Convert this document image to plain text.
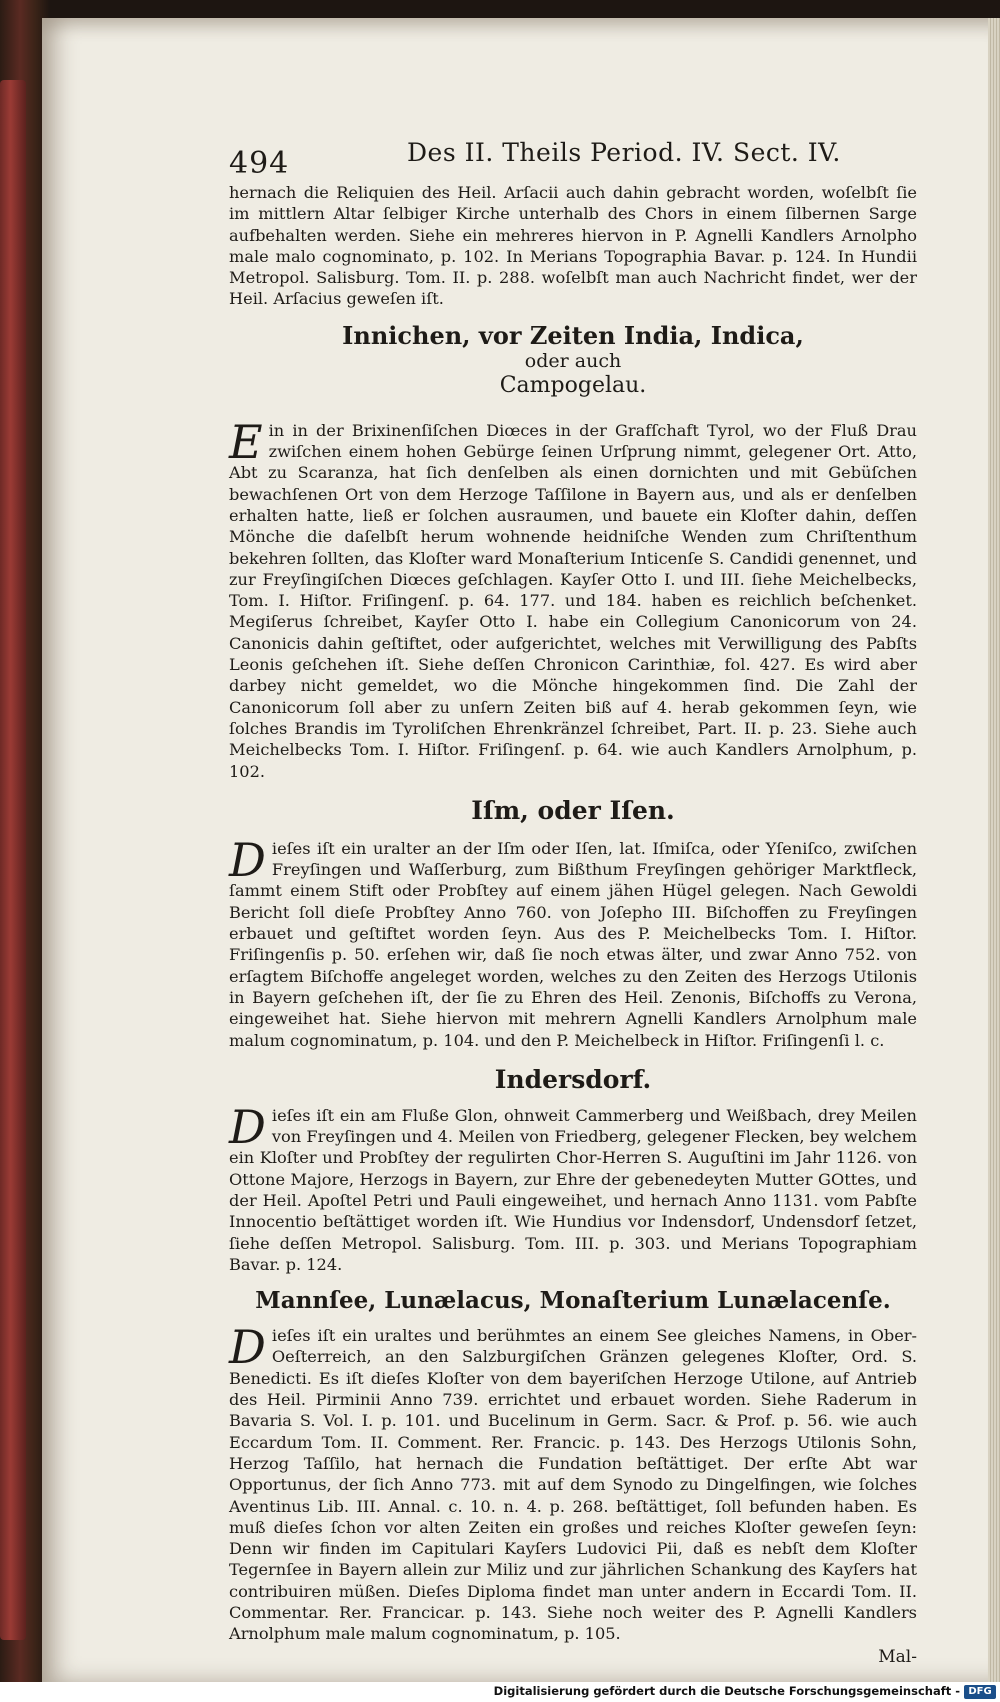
494	Des II. Theils Period. IV. Sect. IV.

hernach die Reliquien des Heil. Arſacii auch dahin gebracht worden, woſelbſt ſie im mittlern Altar ſelbiger Kirche unterhalb des Chors in einem ſilbernen Sarge aufbehalten werden. Siehe ein mehreres hiervon in P. Agnelli Kandlers Arnolpho male malo cognominato, p. 102. In Merians Topographia Bavar. p. 124. In Hundii Metropol. Salisburg. Tom. II. p. 288. woſelbſt man auch Nachricht findet, wer der Heil. Arſacius geweſen iſt.

Innichen, vor Zeiten India, Indica,
oder auch
Campogelau.

Ein in der Brixinenſiſchen Diœces in der Grafſchaft Tyrol, wo der Fluß Drau zwiſchen einem hohen Gebürge ſeinen Urſprung nimmt, gelegener Ort. Atto, Abt zu Scaranza, hat ſich denſelben als einen dornichten und mit Gebüſchen bewachſenen Ort von dem Herzoge Taſſilone in Bayern aus, und als er denſelben erhalten hatte, ließ er ſolchen ausraumen, und bauete ein Kloſter dahin, deſſen Mönche die daſelbſt herum wohnende heidniſche Wenden zum Chriſtenthum bekehren ſollten, das Kloſter ward Monaſterium Inticenſe S. Candidi genennet, und zur Freyſingiſchen Diœces geſchlagen. Kayſer Otto I. und III. ſiehe Meichelbecks, Tom. I. Hiſtor. Friſingenſ. p. 64. 177. und 184. haben es reichlich beſchenket. Megiſerus ſchreibet, Kayſer Otto I. habe ein Collegium Canonicorum von 24. Canonicis dahin geſtiftet, oder aufgerichtet, welches mit Verwilligung des Pabſts Leonis geſchehen iſt. Siehe deſſen Chronicon Carinthiæ, fol. 427. Es wird aber darbey nicht gemeldet, wo die Mönche hingekommen ſind. Die Zahl der Canonicorum ſoll aber zu unſern Zeiten biß auf 4. herab gekommen ſeyn, wie ſolches Brandis im Tyroliſchen Ehrenkränzel ſchreibet, Part. II. p. 23. Siehe auch Meichelbecks Tom. I. Hiſtor. Friſingenſ. p. 64. wie auch Kandlers Arnolphum, p. 102.

Iſm, oder Iſen.

Dieſes iſt ein uralter an der Iſm oder Iſen, lat. Iſmiſca, oder Yſeniſco, zwiſchen Freyſingen und Waſſerburg, zum Bißthum Freyſingen gehöriger Marktfleck, ſammt einem Stift oder Probſtey auf einem jähen Hügel gelegen. Nach Gewoldi Bericht ſoll dieſe Probſtey Anno 760. von Joſepho III. Biſchoffen zu Freyſingen erbauet und geſtiftet worden ſeyn. Aus des P. Meichelbecks Tom. I. Hiſtor. Friſingenſis p. 50. erſehen wir, daß ſie noch etwas älter, und zwar Anno 752. von erſagtem Biſchoffe angeleget worden, welches zu den Zeiten des Herzogs Utilonis in Bayern geſchehen iſt, der ſie zu Ehren des Heil. Zenonis, Biſchoffs zu Verona, eingeweihet hat. Siehe hiervon mit mehrern Agnelli Kandlers Arnolphum male malum cognominatum, p. 104. und den P. Meichelbeck in Hiſtor. Friſingenſi l. c.

Indersdorf.

Dieſes iſt ein am Fluße Glon, ohnweit Cammerberg und Weißbach, drey Meilen von Freyſingen und 4. Meilen von Friedberg, gelegener Flecken, bey welchem ein Kloſter und Probſtey der regulirten Chor-Herren S. Auguſtini im Jahr 1126. von Ottone Majore, Herzogs in Bayern, zur Ehre der gebenedeyten Mutter GOttes, und der Heil. Apoſtel Petri und Pauli eingeweihet, und hernach Anno 1131. vom Pabſte Innocentio beſtättiget worden iſt. Wie Hundius vor Indensdorf, Undensdorf ſetzet, ſiehe deſſen Metropol. Salisburg. Tom. III. p. 303. und Merians Topographiam Bavar. p. 124.

Mannſee, Lunælacus, Monaſterium Lunælacenſe.

Dieſes iſt ein uraltes und berühmtes an einem See gleiches Namens, in Ober-Oeſterreich, an den Salzburgiſchen Gränzen gelegenes Kloſter, Ord. S. Benedicti. Es iſt dieſes Kloſter von dem bayeriſchen Herzoge Utilone, auf Antrieb des Heil. Pirminii Anno 739. errichtet und erbauet worden. Siehe Raderum in Bavaria S. Vol. I. p. 101. und Bucelinum in Germ. Sacr. & Prof. p. 56. wie auch Eccardum Tom. II. Comment. Rer. Francic. p. 143. Des Herzogs Utilonis Sohn, Herzog Taſſilo, hat hernach die Fundation beſtättiget. Der erſte Abt war Opportunus, der ſich Anno 773. mit auf dem Synodo zu Dingelfingen, wie ſolches Aventinus Lib. III. Annal. c. 10. n. 4. p. 268. beſtättiget, ſoll befunden haben. Es muß dieſes ſchon vor alten Zeiten ein großes und reiches Kloſter geweſen ſeyn: Denn wir finden im Capitulari Kayſers Ludovici Pii, daß es nebſt dem Kloſter Tegernſee in Bayern allein zur Miliz und zur jährlichen Schankung des Kayſers hat contribuiren müßen. Dieſes Diploma findet man unter andern in Eccardi Tom. II. Commentar. Rer. Francicar. p. 143. Siehe noch weiter des P. Agnelli Kandlers Arnolphum male malum cognominatum, p. 105.

Mal-
Digitalisierung gefördert durch die Deutsche Forschungsgemeinschaft - DFG
